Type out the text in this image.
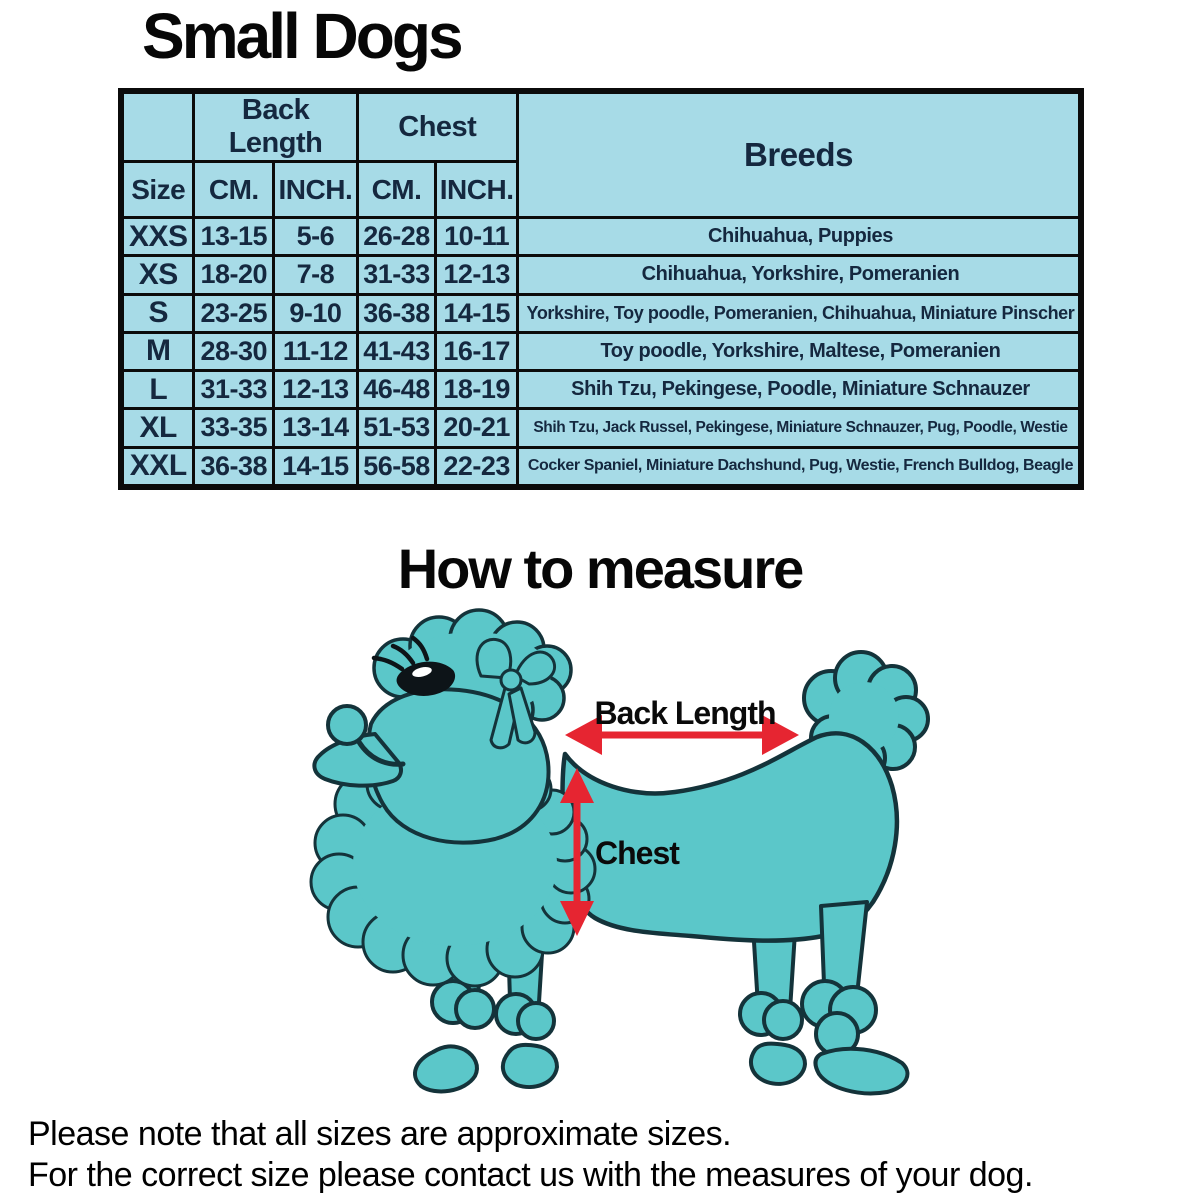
Small Dogs
	Back Length		Chest		Breeds
Size	CM.	INCH.	CM.	INCH.	
XXS	13-15	5-6	26-28	10-11	Chihuahua, Puppies

XS	18-20	7-8	31-33	12-13	Chihuahua, Yorkshire, Pomeranien

S	23-25	9-10	36-38	14-15	Yorkshire, Toy poodle, Pomeranien, Chihuahua, Miniature Pinscher

M	28-30	11-12	41-43	16-17	Toy poodle, Yorkshire, Maltese, Pomeranien

L	31-33	12-13	46-48	18-19	Shih Tzu, Pekingese, Poodle, Miniature Schnauzer

XL	33-35	13-14	51-53	20-21	Shih Tzu, Jack Russel, Pekingese, Miniature Schnauzer, Pug, Poodle, Westie

XXL	36-38	14-15	56-58	22-23	Cocker Spaniel, Miniature Dachshund, Pug, Westie, French Bulldog, Beagle
How to measure
Back Length
Chest
Please note that all sizes are approximate sizes.
For the correct size please contact us with the measures of your dog.
